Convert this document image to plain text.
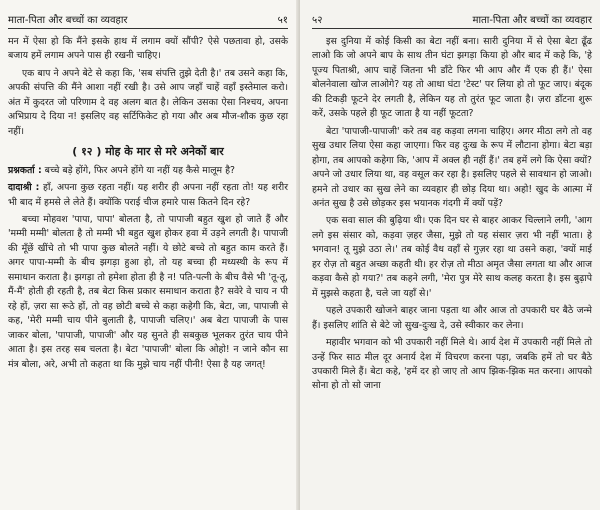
माता-पिता और बच्चों का व्यवहार	५१

मन में ऐसा हो कि मैंने इसके हाथ में लगाम क्यों सौंपी? ऐसे पछतावा हो, उसके बजाय हमें लगाम अपने पास ही रखनी चाहिए।

एक बाप ने अपने बेटे से कहा कि, 'सब संपत्ति तुझे देती है।' तब उसने कहा कि, अपकी संपत्ति की मैंने आशा नहीं रखी है। उसे आप जहाँ चाहें वहाँ इस्तेमाल करो। अंत में कुदरत जो परिणाम दे वह अलग बात है। लेकिन उसका ऐसा निश्चय, अपना अभिप्राय दे दिया न! इसलिए वह सर्टिफिकेट हो गया और अब मौज-शौक कुछ रहा नहीं।

( १२ ) मोह के मार से मरे अनेकों बार

प्रश्नकर्ता : बच्चे बड़े होंगे, फिर अपने होंगे या नहीं यह कैसे मालूम है?

दादाश्री : हाँ, अपना कुछ रहता नहीं। यह शरीर ही अपना नहीं रहता तो! यह शरीर भी बाद में हमसे ले लेते हैं। क्योंकि पराई चीज हमारे पास कितने दिन रहे?

बच्चा मोहवश 'पापा, पापा' बोलता है, तो पापाजी बहुत खुश हो जाते हैं और 'मम्मी मम्मी' बोलता है तो मम्मी भी बहुत खुश होकर हवा में उड़ने लगती है। पापाजी की मूँछें खींचे तो भी पापा कुछ बोलते नहीं। ये छोटे बच्चे तो बहुत काम करते हैं। अगर पापा-मम्मी के बीच झगड़ा हुआ हो, तो यह बच्चा ही मध्यस्थी के रूप में समाधान कराता है। झगड़ा तो हमेशा होता ही है न! पति-पत्नी के बीच वैसे भी 'तू-तू, मैं-मैं' होती ही रहती है, तब बेटा किस प्रकार समाधान कराता है? सवेरे वे चाय न पी रहे हों, ज़रा सा रूठे हों, तो वह छोटी बच्चे से कहा कहेगी कि, बेटा, जा, पापाजी से कह, 'मेरी मम्मी चाय पीने बुलाती है, पापाजी चलिए।' अब बेटा पापाजी के पास जाकर बोला, 'पापाजी, पापाजी' और यह सुनते ही सबकुछ भूलकर तुरंत चाय पीने आता है। इस तरह सब चलता है। बेटा 'पापाजी' बोला कि ओहो! न जाने कौन सा मंत्र बोला, अरे, अभी तो कहता था कि मुझे चाय नहीं पीनी! ऐसा है यह जगत्!

५२	माता-पिता और बच्चों का व्यवहार

इस दुनिया में कोई किसी का बेटा नहीं बना। सारी दुनिया में से ऐसा बेटा ढूँढ लाओ कि जो अपने बाप के साथ तीन घंटा झगड़ा किया हो और बाद में कहे कि, 'हे पूज्य पिताश्री, आप चाहें जितना भी डाँटे फिर भी आप और मैं एक ही हैं।' ऐसा बोलनेवाला खोज लाओगे? यह तो आधा घंटा 'टेस्ट' पर लिया हो तो फूट जाए। बंदूक की टिकड़ी फूटने देर लगती है, लेकिन यह तो तुरंत फूट जाता है। ज़रा डाँटना शुरू करें, उसके पहले ही फूट जाता है या नहीं फूटता?

बेटा 'पापाजी-पापाजी' करे तब वह कड़वा लगना चाहिए। अगर मीठा लगे तो वह सुख उधार लिया ऐसा कहा जाएगा। फिर वह दुःख के रूप में लौटाना होगा। बेटा बड़ा होगा, तब आपको कहेगा कि, 'आप में अक्ल ही नहीं हैं।' तब हमें लगे कि ऐसा क्यों? अपने जो उधार लिया था, वह वसूल कर रहा है। इसलिए पहले से सावधान हो जाओ। हमने तो उधार का सुख लेने का व्यवहार ही छोड़ दिया था। अहो! खुद के आत्मा में अनंत सुख है उसे छोड़कर इस भयानक गंदगी में क्यों पड़ें?

एक सवा साल की बुढ़िया थी। एक दिन घर से बाहर आकर चिल्लाने लगी, 'आग लगे इस संसार को, कड़वा ज़हर जैसा, मुझे तो यह संसार ज़रा भी नहीं भाता। हे भगवान! तू मुझे उठा ले।' तब कोई वैध वहाँ से गुज़र रहा था उसने कहा, 'क्यों माई हर रोज़ तो बहुत अच्छा कहती थी। हर रोज़ तो मीठा अमृत जैसा लगता था और आज कड़वा कैसे हो गया?' तब कहने लगी, 'मेरा पुत्र मेरे साथ कलह करता है। इस बुढ़ापे में मुझसे कहता है, चले जा यहाँ से।'

पहले उपकारी खोजने बाहर जाना पड़ता था और आज तो उपकारी घर बैठे जन्मे हैं। इसलिए शांति से बेटे जो सुख-दुःख दे, उसे स्वीकार कर लेना।

महावीर भगवान को भी उपकारी नहीं मिले थे। आर्य देश में उपकारी नहीं मिले तो उन्हें फिर साठ मील दूर अनार्य देश में विचरण करना पड़ा, जबकि हमें तो घर बैठे उपकारी मिले हैं। बेटा कहे, 'हमें दर हो जाए तो आप झिक-झिक मत करना। आपको सोना हो तो सो जाना
